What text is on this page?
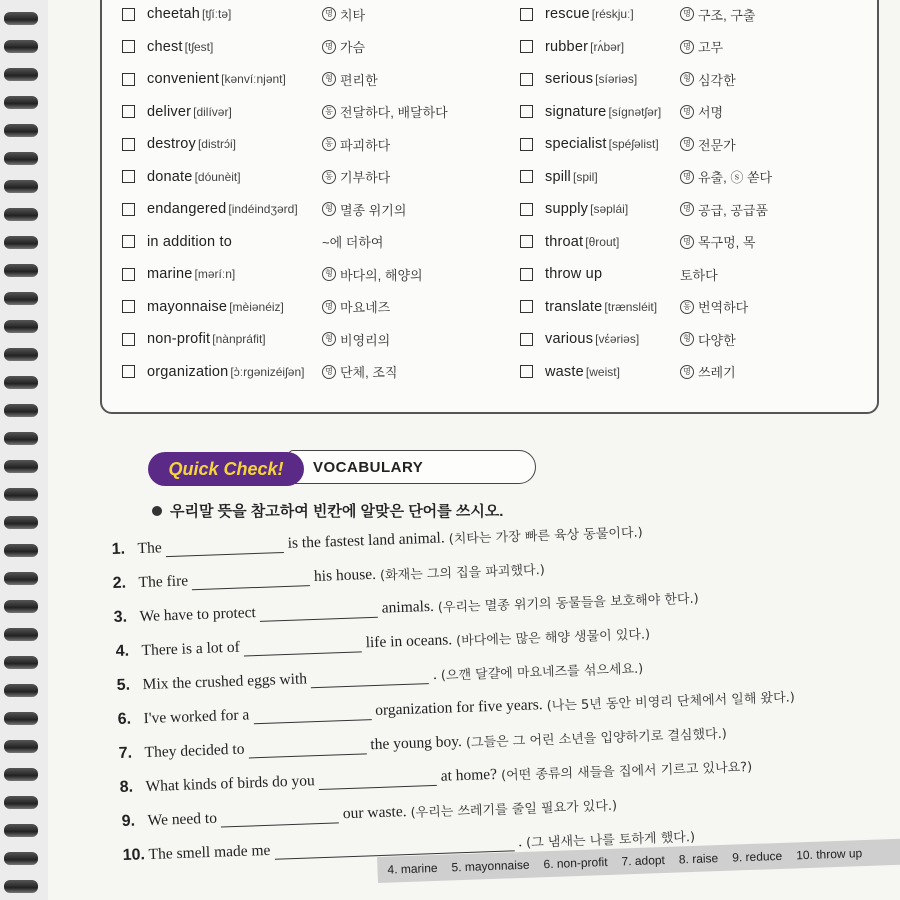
cheetah [tʃíːtə]	명 치타
chest [tʃest]	명 가슴
convenient [kənvíːnjənt]	형 편리한
deliver [dilívər]	동 전달하다, 배달하다
destroy [distrɔ́i]	동 파괴하다
donate [dóunèit]	동 기부하다
endangered [indéindʒərd]	형 멸종 위기의
in addition to	~에 더하여
marine [məríːn]	형 바다의, 해양의
mayonnaise [mèiənéiz]	명 마요네즈
non-profit [nànpráfit]	형 비영리의
organization [ɔ̀ːrgənizéiʃən]	명 단체, 조직
rescue [réskjuː]	명 구조, 구출
rubber [rʌ́bər]	명 고무
serious [síəriəs]	형 심각한
signature [sígnətʃər]	명 서명
specialist [spéʃəlist]	명 전문가
spill [spil]	명 유출, ⓢ 쏟다
supply [səplái]	명 공급, 공급품
throat [θrout]	명 목구멍, 목
throw up	토하다
translate [trænsléit]	동 번역하다
various [vέəriəs]	형 다양한
waste [weist]	명 쓰레기
VOCABULARY
Quick Check!
우리말 뜻을 참고하여 빈칸에 알맞은 단어를 쓰시오.
1. The	is the fastest land animal. (치타는 가장 빠른 육상 동물이다.)
2. The fire	his house. (화재는 그의 집을 파괴했다.)
3. We have to protect	animals. (우리는 멸종 위기의 동물들을 보호해야 한다.)
4. There is a lot of	life in oceans. (바다에는 많은 해양 생물이 있다.)
5. Mix the crushed eggs with	. (으깬 달걀에 마요네즈를 섞으세요.)
6. I've worked for a	organization for five years. (나는 5년 동안 비영리 단체에서 일해 왔다.)
7. They decided to	the young boy. (그들은 그 어린 소년을 입양하기로 결심했다.)
8. What kinds of birds do you	at home? (어떤 종류의 새들을 집에서 기르고 있나요?)
9. We need to	our waste. (우리는 쓰레기를 줄일 필요가 있다.)
10. The smell made me
. (그 냄새는 나를 토하게 했다.)
4. marine 5. mayonnaise 6. non-profit 7. adopt 8. raise 9. reduce 10. throw up
